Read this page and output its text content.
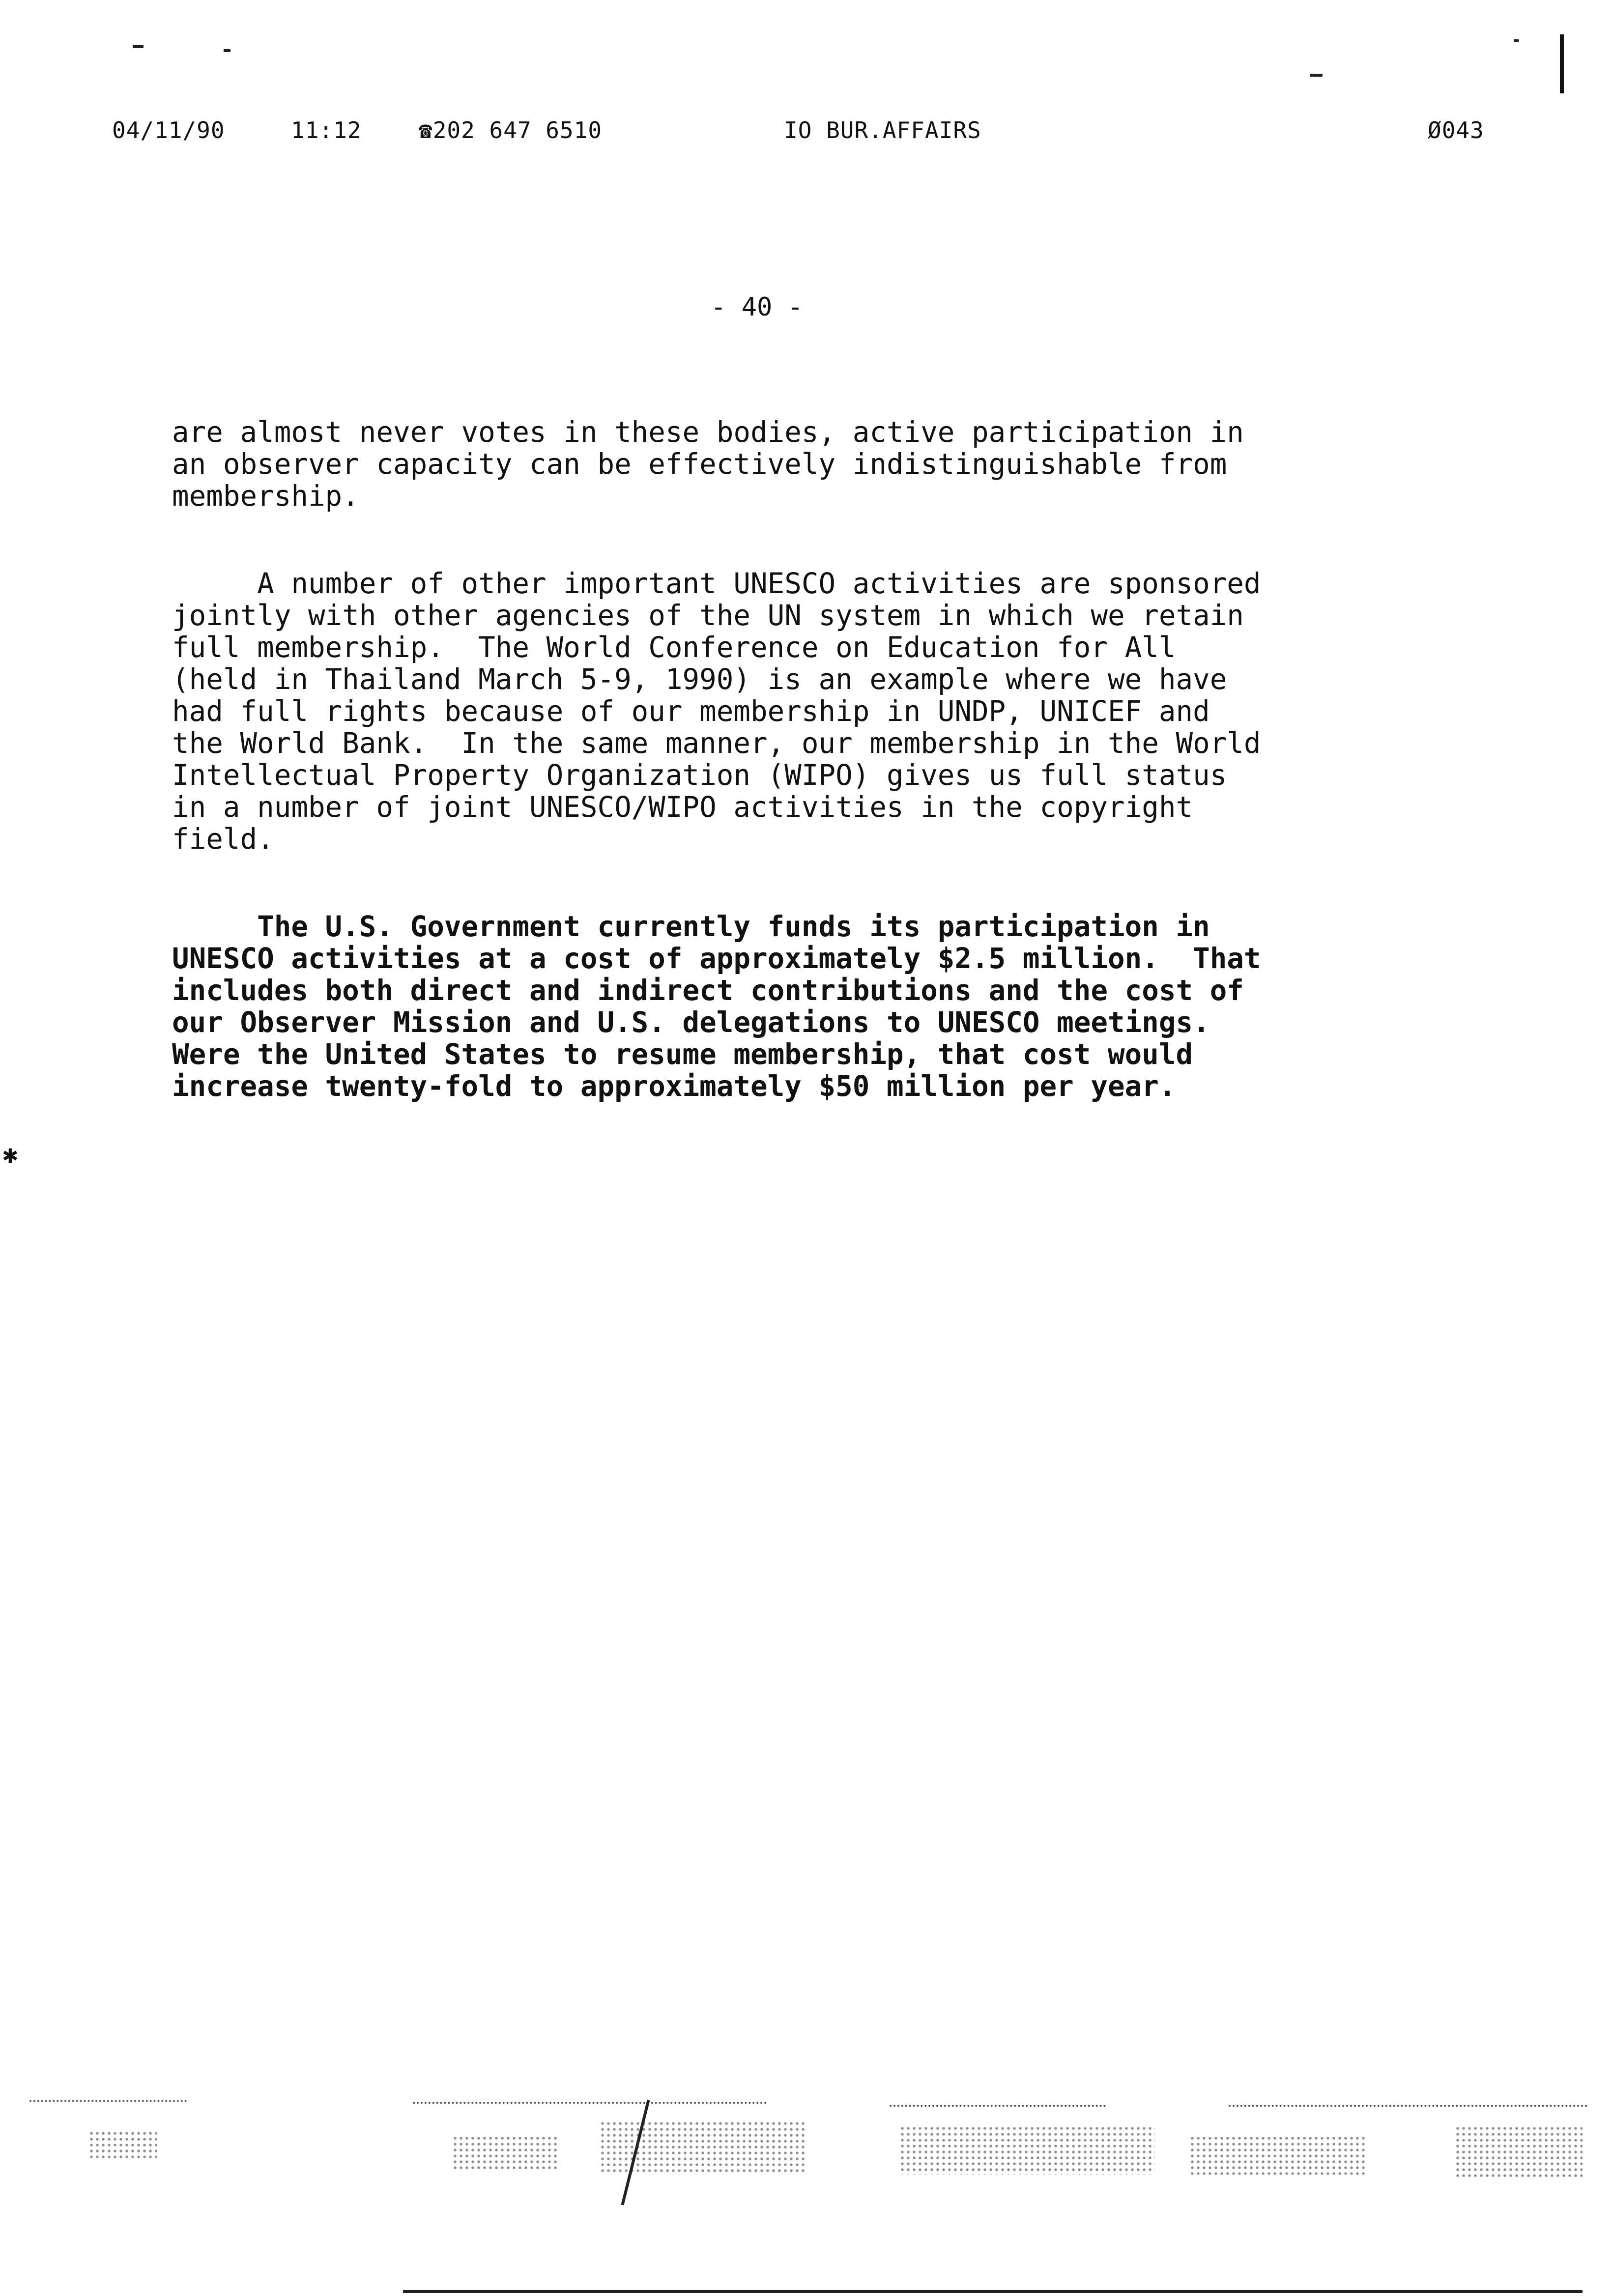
✱
04/11/90	11:12	☎202 647 6510	IO BUR.AFFAIRS	Ø043
- 40 -

are almost never votes in these bodies, active participation in
an observer capacity can be effectively indistinguishable from
membership.

A number of other important UNESCO activities are sponsored
jointly with other agencies of the UN system in which we retain
full membership.  The World Conference on Education for All
(held in Thailand March 5-9, 1990) is an example where we have
had full rights because of our membership in UNDP, UNICEF and
the World Bank.  In the same manner, our membership in the World
Intellectual Property Organization (WIPO) gives us full status
in a number of joint UNESCO/WIPO activities in the copyright
field.

The U.S. Government currently funds its participation in
UNESCO activities at a cost of approximately $2.5 million.  That
includes both direct and indirect contributions and the cost of
our Observer Mission and U.S. delegations to UNESCO meetings.
Were the United States to resume membership, that cost would
increase twenty-fold to approximately $50 million per year.
